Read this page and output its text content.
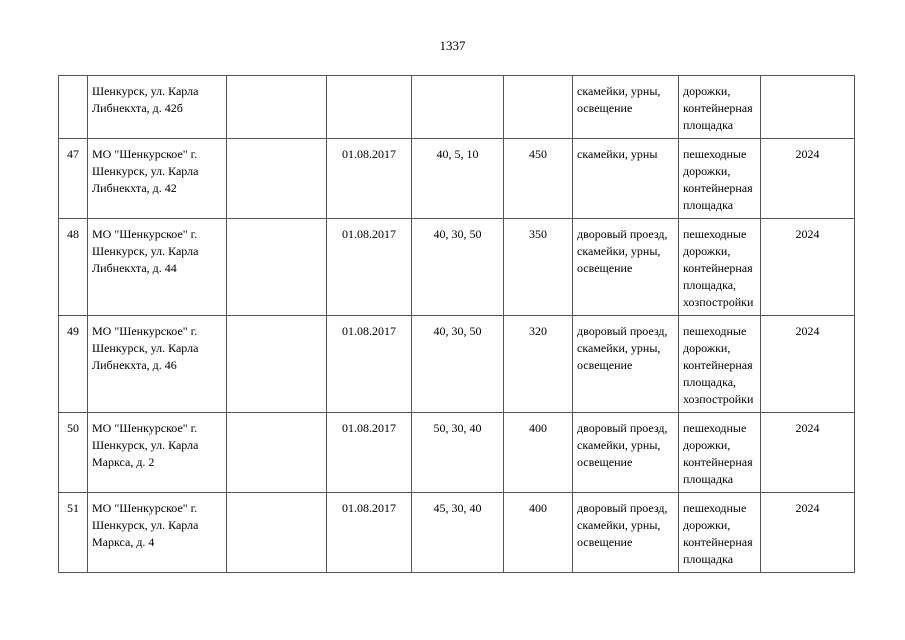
1337
	Шенкурск, ул. Карла
Либнекхта, д. 42б					скамейки, урны,
освещение	дорожки,
контейнерная
площадка	
47	МО "Шенкурское" г.
Шенкурск, ул. Карла
Либнекхта, д. 42		01.08.2017	40, 5, 10	450	скамейки, урны	пешеходные
дорожки,
контейнерная
площадка	2024
48	МО "Шенкурское" г.
Шенкурск, ул. Карла
Либнекхта, д. 44		01.08.2017	40, 30, 50	350	дворовый проезд,
скамейки, урны,
освещение	пешеходные
дорожки,
контейнерная
площадка,
хозпостройки	2024
49	МО "Шенкурское" г.
Шенкурск, ул. Карла
Либнекхта, д. 46		01.08.2017	40, 30, 50	320	дворовый проезд,
скамейки, урны,
освещение	пешеходные
дорожки,
контейнерная
площадка,
хозпостройки	2024
50	МО "Шенкурское" г.
Шенкурск, ул. Карла
Маркса, д. 2		01.08.2017	50, 30, 40	400	дворовый проезд,
скамейки, урны,
освещение	пешеходные
дорожки,
контейнерная
площадка	2024
51	МО "Шенкурское" г.
Шенкурск, ул. Карла
Маркса, д. 4		01.08.2017	45, 30, 40	400	дворовый проезд,
скамейки, урны,
освещение	пешеходные
дорожки,
контейнерная
площадка	2024
